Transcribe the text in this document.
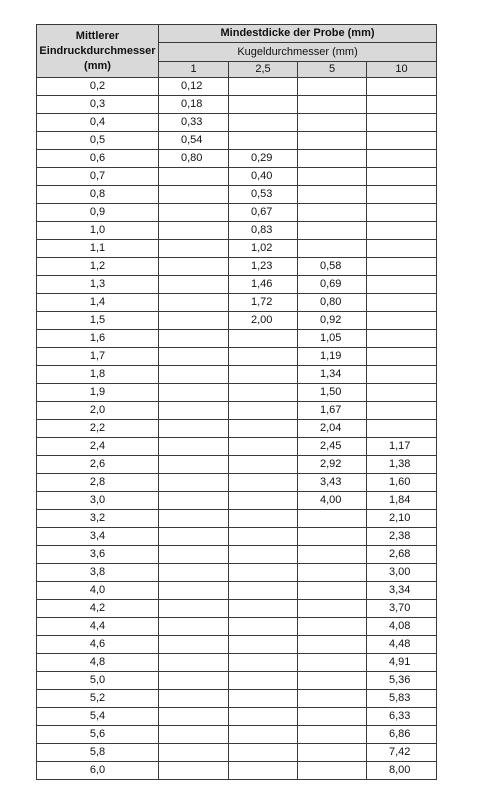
Mittlerer
Eindruckdurchmesser
(mm)	Mindestdicke der Probe (mm)			
	Kugeldurchmesser (mm)			
	1	2,5	5	10
0,2	0,12			
0,3	0,18			
0,4	0,33			
0,5	0,54			
0,6	0,80	0,29		
0,7		0,40		
0,8		0,53		
0,9		0,67		
1,0		0,83		
1,1		1,02		
1,2		1,23	0,58	
1,3		1,46	0,69	
1,4		1,72	0,80	
1,5		2,00	0,92	
1,6			1,05	
1,7			1,19	
1,8			1,34	
1,9			1,50	
2,0			1,67	
2,2			2,04	
2,4			2,45	1,17
2,6			2,92	1,38
2,8			3,43	1,60
3,0			4,00	1,84
3,2				2,10
3,4				2,38
3,6				2,68
3,8				3,00
4,0				3,34
4,2				3,70
4,4				4,08
4,6				4,48
4,8				4,91
5,0				5,36
5,2				5,83
5,4				6,33
5,6				6,86
5,8				7,42
6,0				8,00
